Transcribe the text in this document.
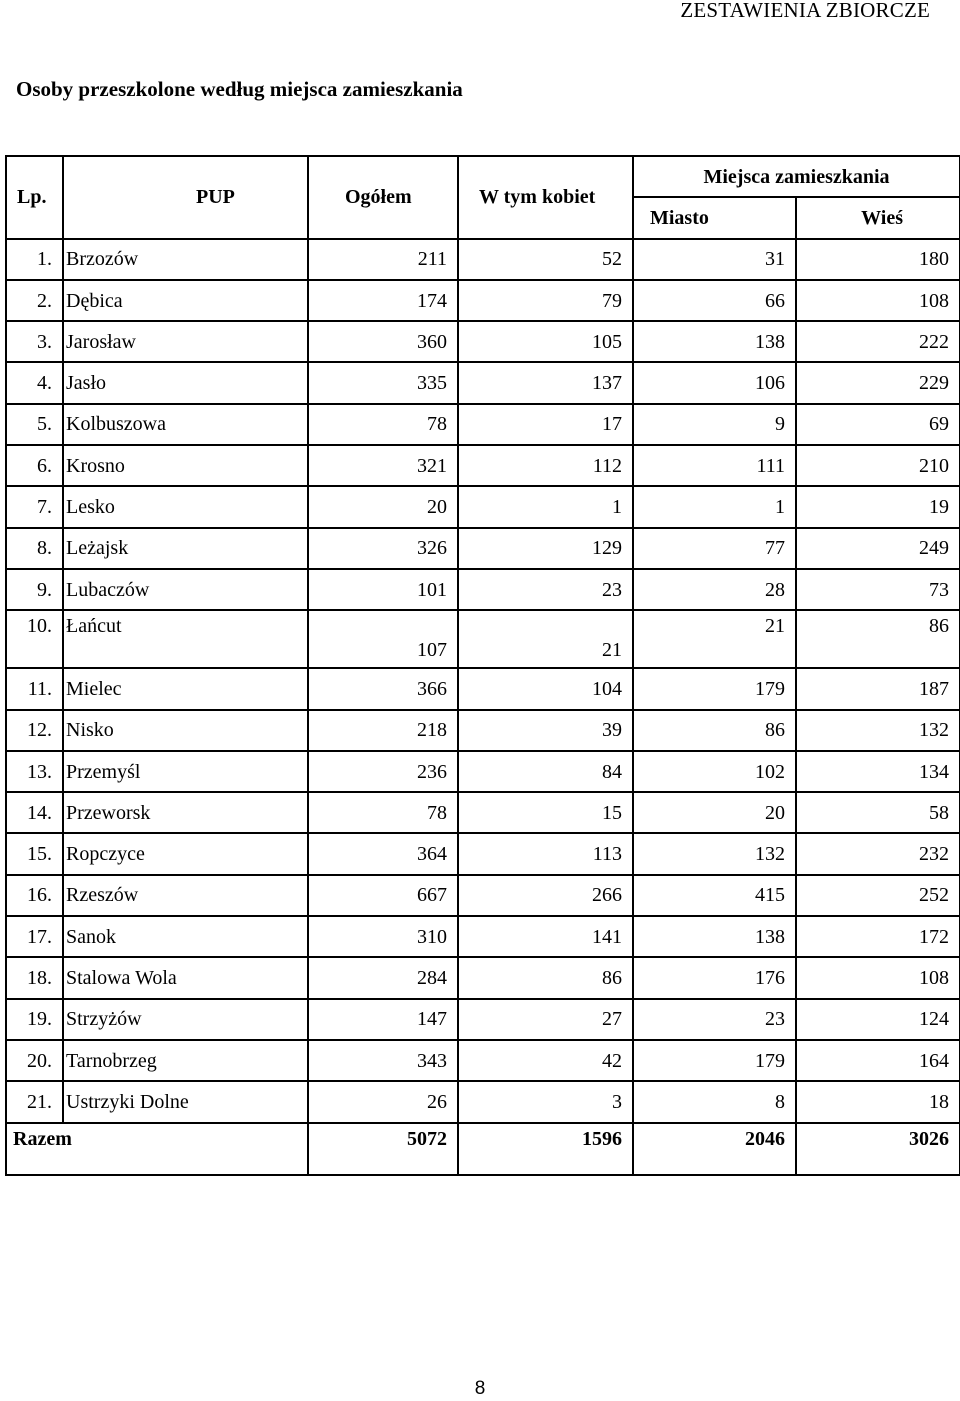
ZESTAWIENIA ZBIORCZE
Osoby przeszkolone według miejsca zamieszkania
Lp.	PUP	Ogółem	W tym kobiet	Miejsca zamieszkania	
				Miasto	Wieś
1.	Brzozów	211	52	31	180
2.	Dębica	174	79	66	108
3.	Jarosław	360	105	138	222
4.	Jasło	335	137	106	229
5.	Kolbuszowa	78	17	9	69
6.	Krosno	321	112	111	210
7.	Lesko	20	1	1	19
8.	Leżajsk	326	129	77	249
9.	Lubaczów	101	23	28	73
10.	Łańcut	107	21	21	86
11.	Mielec	366	104	179	187
12.	Nisko	218	39	86	132
13.	Przemyśl	236	84	102	134
14.	Przeworsk	78	15	20	58
15.	Ropczyce	364	113	132	232
16.	Rzeszów	667	266	415	252
17.	Sanok	310	141	138	172
18.	Stalowa Wola	284	86	176	108
19.	Strzyżów	147	27	23	124
20.	Tarnobrzeg	343	42	179	164
21.	Ustrzyki Dolne	26	3	8	18
Razem		5072	1596	2046	3026
8
